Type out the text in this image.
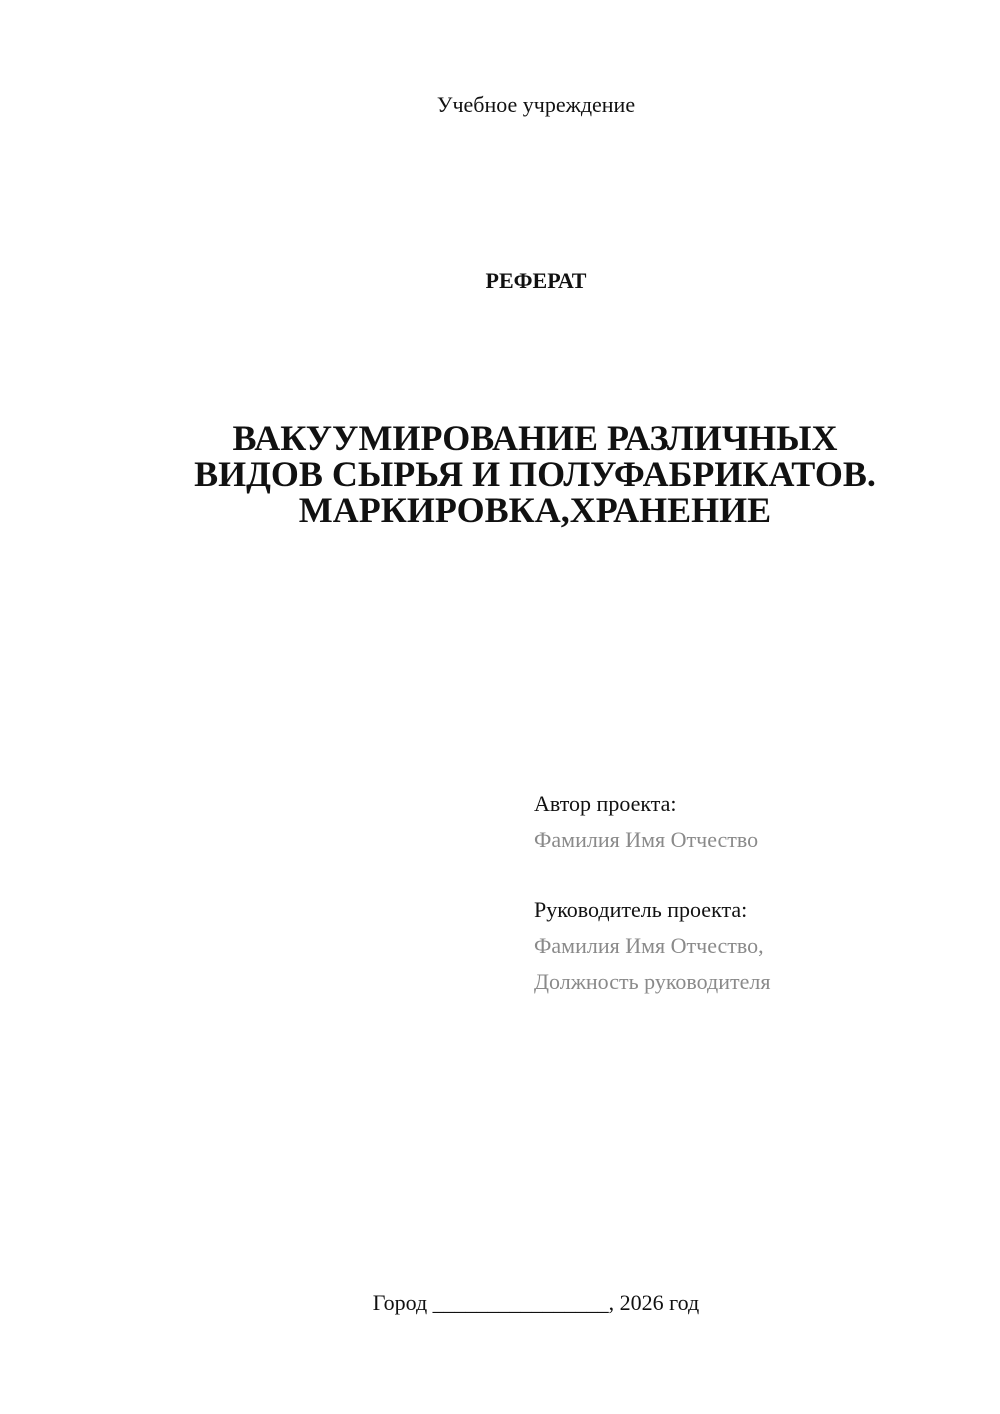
Учебное учреждение
РЕФЕРАТ
ВАКУУМИРОВАНИЕ РАЗЛИЧНЫХ
ВИДОВ СЫРЬЯ И ПОЛУФАБРИКАТОВ.
МАРКИРОВКА,ХРАНЕНИЕ
Автор проекта:
Фамилия Имя Отчество
Руководитель проекта:
Фамилия Имя Отчество,
Должность руководителя
Город ________________, 2026 год
